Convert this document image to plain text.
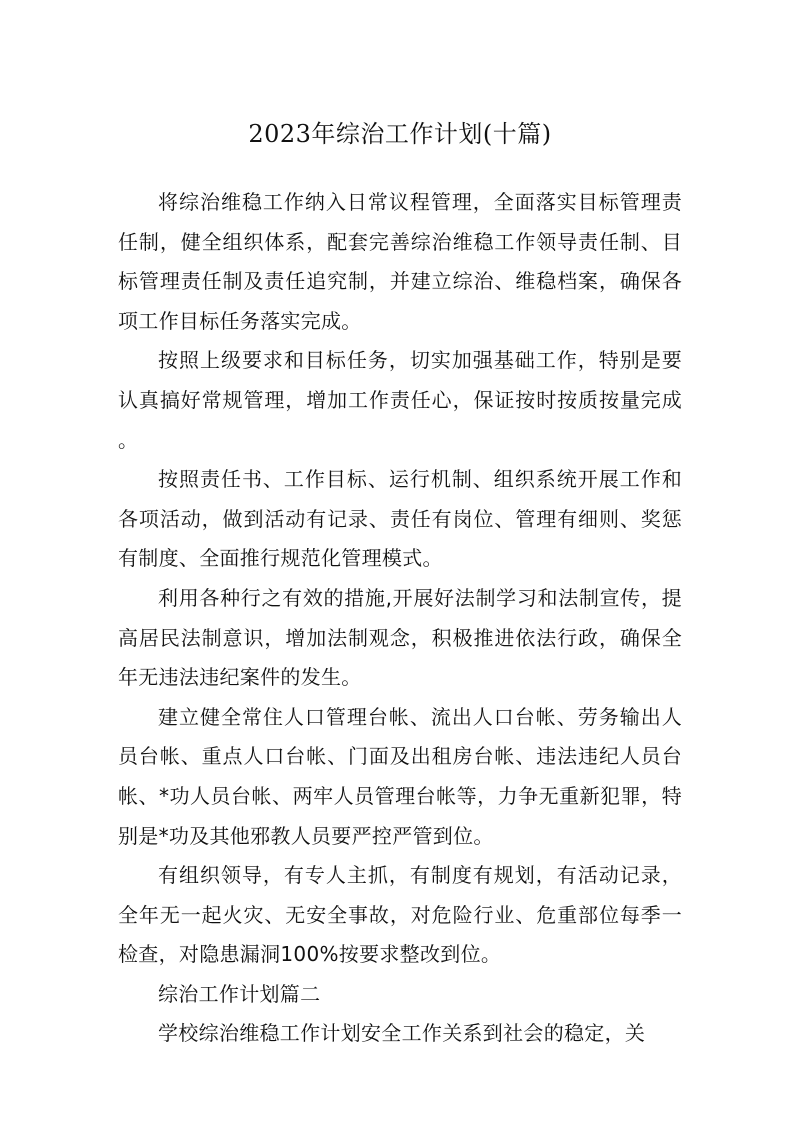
2023年综治工作计划(十篇)

将综治维稳工作纳入日常议程管理，全面落实目标管理责任制，健全组织体系，配套完善综治维稳工作领导责任制、目标管理责任制及责任追究制，并建立综治、维稳档案，确保各项工作目标任务落实完成。

按照上级要求和目标任务，切实加强基础工作，特别是要认真搞好常规管理，增加工作责任心，保证按时按质按量完成。

按照责任书、工作目标、运行机制、组织系统开展工作和各项活动，做到活动有记录、责任有岗位、管理有细则、奖惩有制度、全面推行规范化管理模式。

利用各种行之有效的措施,开展好法制学习和法制宣传，提高居民法制意识，增加法制观念，积极推进依法行政，确保全年无违法违纪案件的发生。

建立健全常住人口管理台帐、流出人口台帐、劳务输出人员台帐、重点人口台帐、门面及出租房台帐、违法违纪人员台帐、*功人员台帐、两牢人员管理台帐等，力争无重新犯罪，特别是*功及其他邪教人员要严控严管到位。

有组织领导，有专人主抓，有制度有规划，有活动记录，全年无一起火灾、无安全事故，对危险行业、危重部位每季一检查，对隐患漏洞100%按要求整改到位。

综治工作计划篇二

学校综治维稳工作计划安全工作关系到社会的稳定，关
